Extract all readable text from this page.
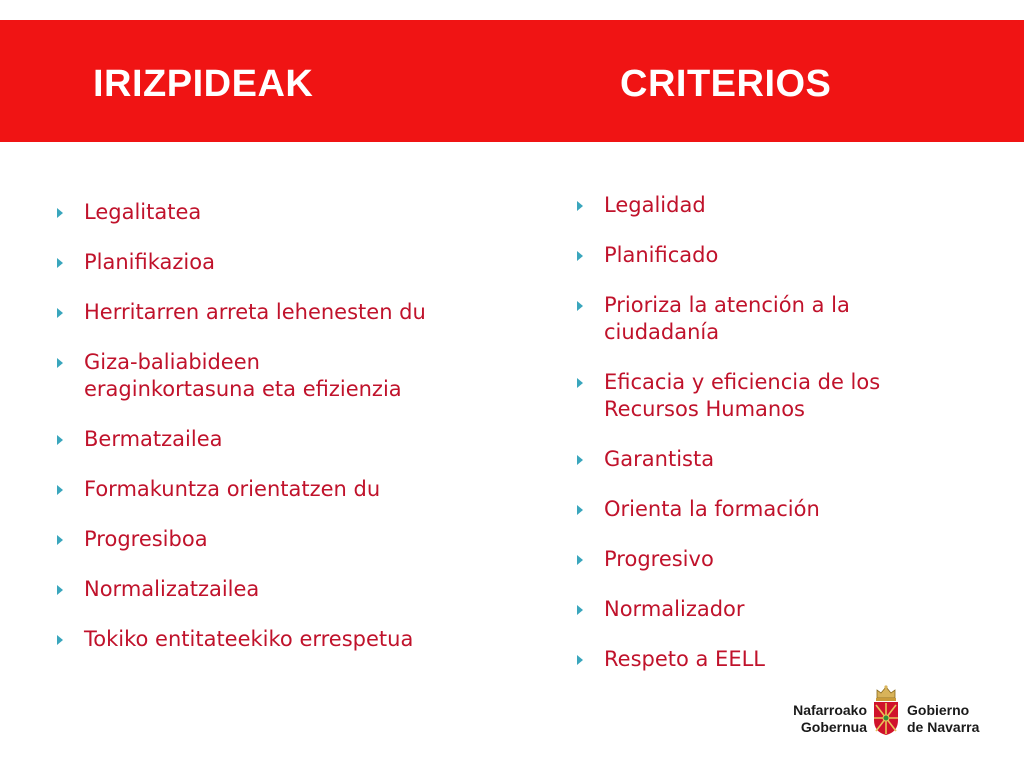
IRIZPIDEAK	CRITERIOS
Legalitatea
Planifikazioa
Herritarren arreta lehenesten du
Giza-baliabideen eraginkortasuna eta efizienzia
Bermatzailea
Formakuntza orientatzen du
Progresiboa
Normalizatzailea
Tokiko entitateekiko errespetua
Legalidad
Planificado
Prioriza la atención a la ciudadanía
Eficacia y eficiencia de los Recursos Humanos
Garantista
Orienta la formación
Progresivo
Normalizador
Respeto a EELL
Nafarroako
Gobernua
Gobierno
de Navarra
